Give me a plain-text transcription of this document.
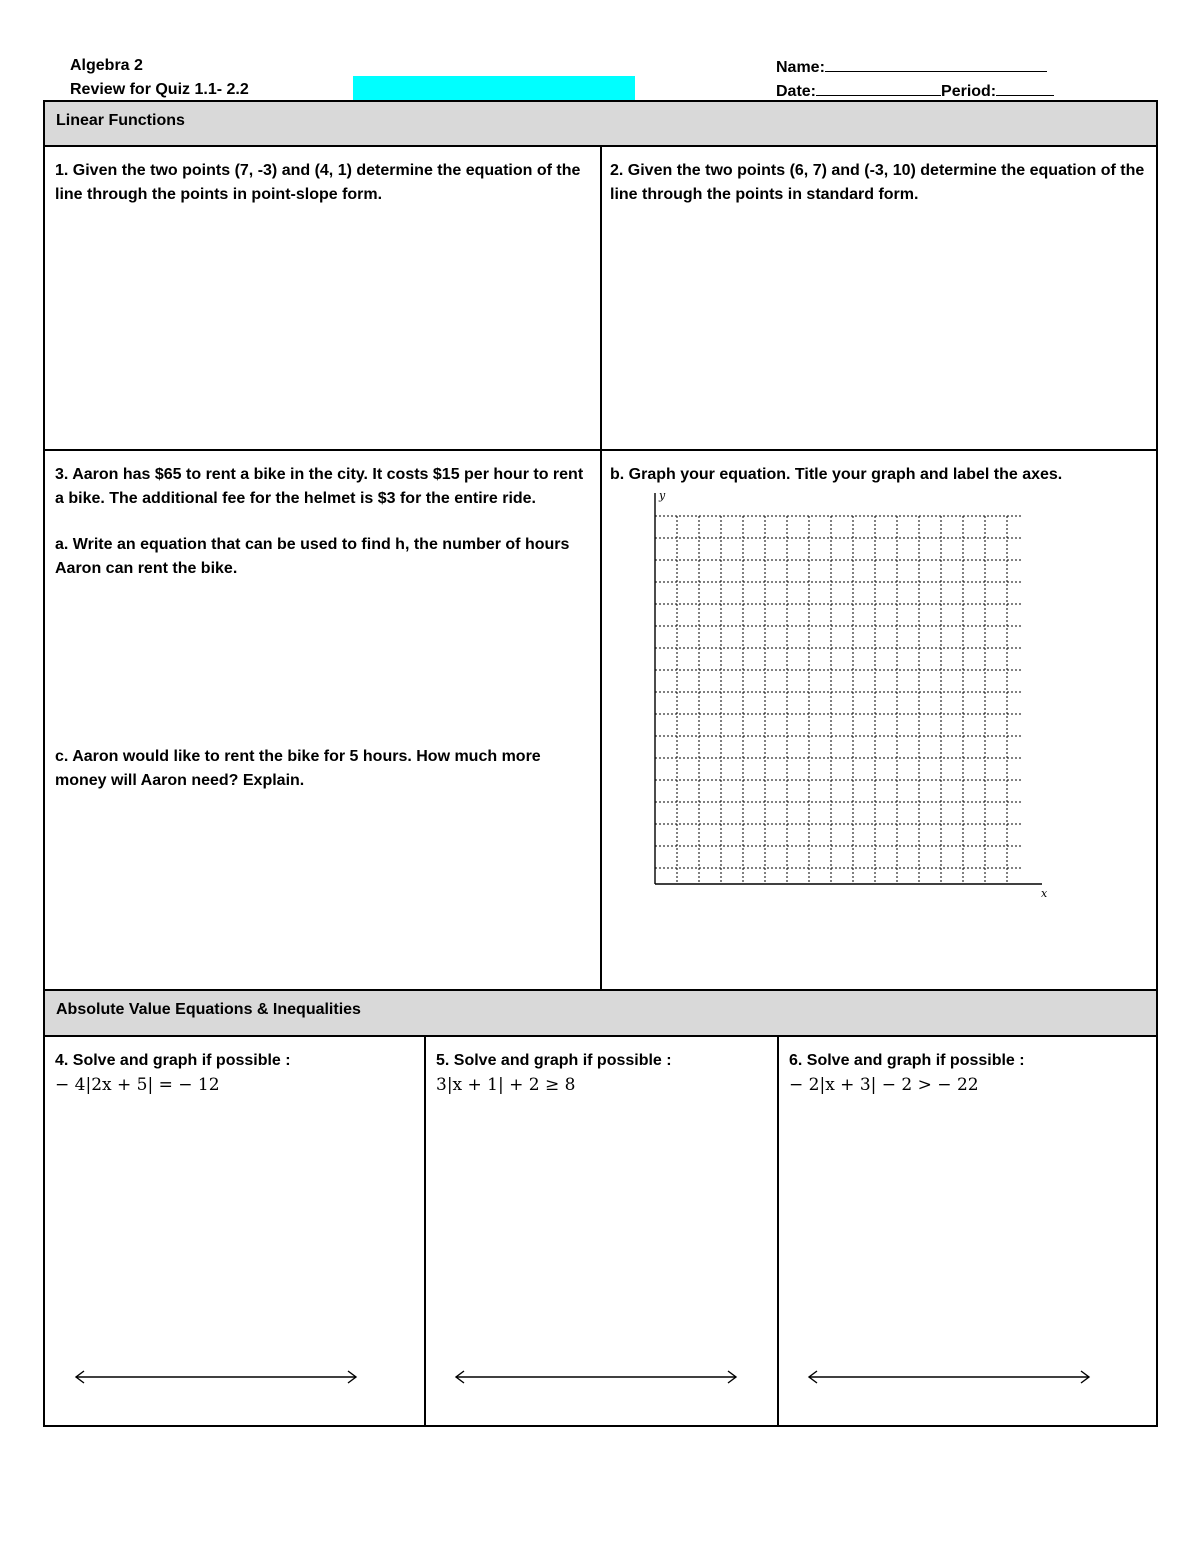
Algebra 2
Review for Quiz 1.1- 2.2
Name:
Date:	Period:
Linear Functions
Absolute Value Equations & Inequalities

1. Given the two points (7, -3) and (4, 1) determine the equation of the line through the points in point-slope form.

2. Given the two points (6, 7) and (-3, 10) determine the equation of the line through the points in standard form.

3. Aaron has $65 to rent a bike in the city. It costs $15 per hour to rent a bike. The additional fee for the helmet is $3 for the entire ride.

a. Write an equation that can be used to find h, the number of hours Aaron can rent the bike.

c. Aaron would like to rent the bike for 5 hours. How much more money will Aaron need? Explain.

b. Graph your equation. Title your graph and label the axes.

y
x

4. Solve and graph if possible :

− 4|2x + 5| = − 12

5. Solve and graph if possible :

3|x + 1| + 2 ≥ 8

6. Solve and graph if possible :

− 2|x + 3| − 2 > − 22
